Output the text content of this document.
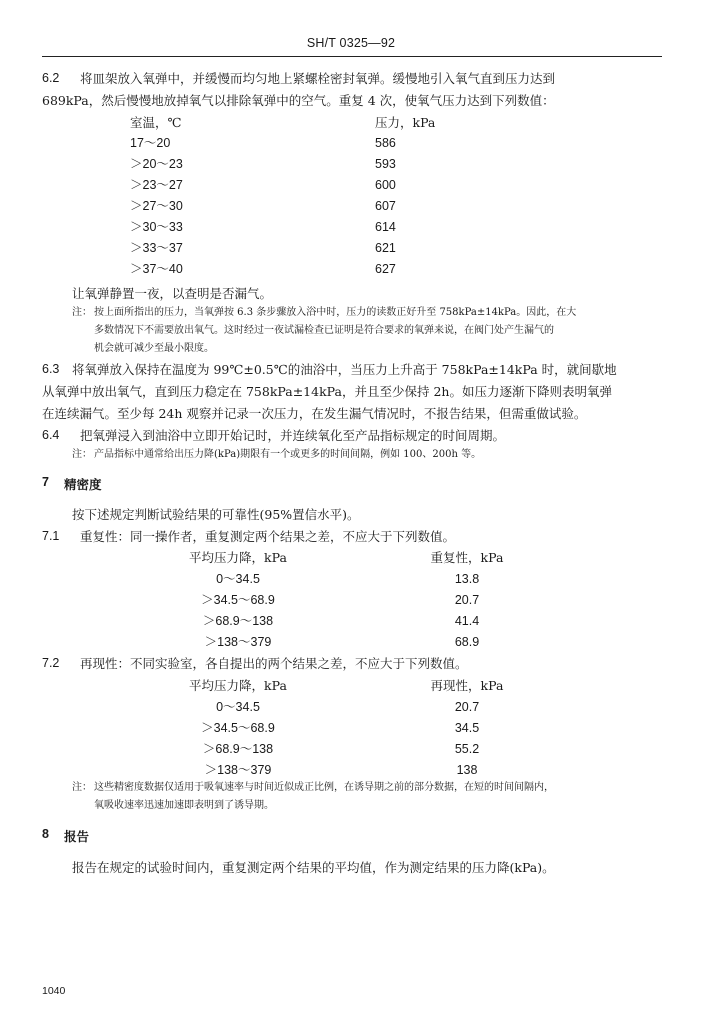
SH/T 0325—92
6.2 将皿架放入氧弹中，并缓慢而均匀地上紧螺栓密封氧弹。缓慢地引入氧气直到压力达到
689kPa，然后慢慢地放掉氧气以排除氧弹中的空气。重复 4 次，使氧气压力达到下列数值：
室温，℃	压力，kPa
17～20	586
＞20～23	593
＞23～27	600
＞27～30	607
＞30～33	614
＞33～37	621
＞37～40	627
让氧弹静置一夜，以查明是否漏气。
注： 按上面所指出的压力，当氧弹按 6.3 条步骤放入浴中时，压力的读数正好升至 758kPa±14kPa。因此，在大
多数情况下不需要放出氧气。这时经过一夜试漏检查已证明是符合要求的氧弹来说，在阀门处产生漏气的
机会就可减少至最小限度。
6.3 将氧弹放入保持在温度为 99℃±0.5℃的油浴中，当压力上升高于 758kPa±14kPa 时，就间歇地
从氧弹中放出氧气，直到压力稳定在 758kPa±14kPa，并且至少保持 2h。如压力逐渐下降则表明氧弹
在连续漏气。至少每 24h 观察并记录一次压力，在发生漏气情况时，不报告结果，但需重做试验。
6.4 把氧弹浸入到油浴中立即开始记时，并连续氧化至产品指标规定的时间周期。
注： 产品指标中通常给出压力降(kPa)期限有一个或更多的时间间隔，例如 100、200h 等。
7 精密度
按下述规定判断试验结果的可靠性(95%置信水平)。
7.1 重复性：同一操作者，重复测定两个结果之差，不应大于下列数值。
平均压力降，kPa	重复性，kPa
0～34.5	13.8
＞34.5～68.9	20.7
＞68.9～138	41.4
＞138～379	68.9
7.2 再现性：不同实验室，各自提出的两个结果之差，不应大于下列数值。
平均压力降，kPa	再现性，kPa
0～34.5	20.7
＞34.5～68.9	34.5
＞68.9～138	55.2
＞138～379	138
注： 这些精密度数据仅适用于吸氧速率与时间近似成正比例，在诱导期之前的部分数据，在短的时间间隔内，
氧吸收速率迅速加速即表明到了诱导期。
8 报告
报告在规定的试验时间内，重复测定两个结果的平均值，作为测定结果的压力降(kPa)。
1040
